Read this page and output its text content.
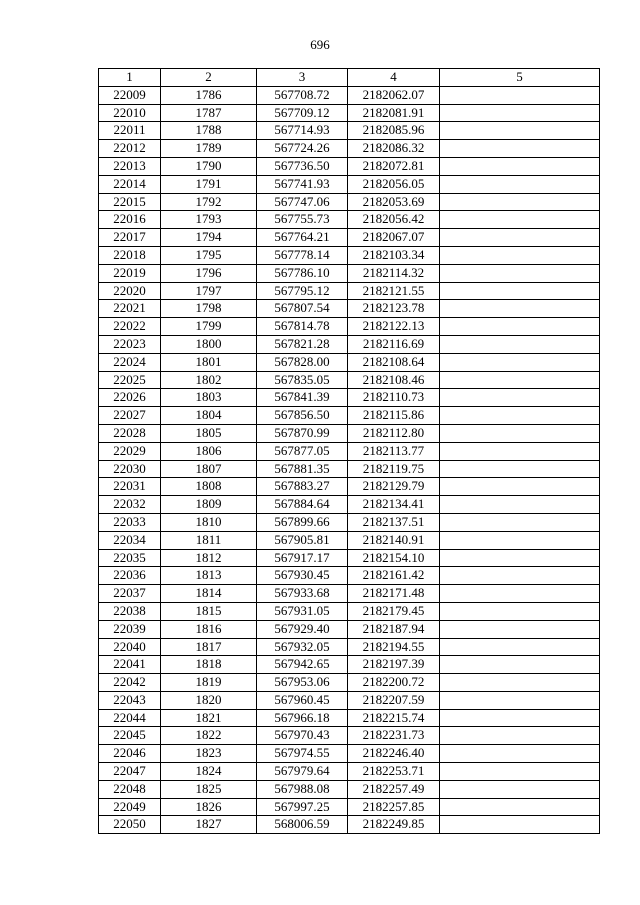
696
1	2	3	4	5
22009	1786	567708.72	2182062.07	
22010	1787	567709.12	2182081.91	
22011	1788	567714.93	2182085.96	
22012	1789	567724.26	2182086.32	
22013	1790	567736.50	2182072.81	
22014	1791	567741.93	2182056.05	
22015	1792	567747.06	2182053.69	
22016	1793	567755.73	2182056.42	
22017	1794	567764.21	2182067.07	
22018	1795	567778.14	2182103.34	
22019	1796	567786.10	2182114.32	
22020	1797	567795.12	2182121.55	
22021	1798	567807.54	2182123.78	
22022	1799	567814.78	2182122.13	
22023	1800	567821.28	2182116.69	
22024	1801	567828.00	2182108.64	
22025	1802	567835.05	2182108.46	
22026	1803	567841.39	2182110.73	
22027	1804	567856.50	2182115.86	
22028	1805	567870.99	2182112.80	
22029	1806	567877.05	2182113.77	
22030	1807	567881.35	2182119.75	
22031	1808	567883.27	2182129.79	
22032	1809	567884.64	2182134.41	
22033	1810	567899.66	2182137.51	
22034	1811	567905.81	2182140.91	
22035	1812	567917.17	2182154.10	
22036	1813	567930.45	2182161.42	
22037	1814	567933.68	2182171.48	
22038	1815	567931.05	2182179.45	
22039	1816	567929.40	2182187.94	
22040	1817	567932.05	2182194.55	
22041	1818	567942.65	2182197.39	
22042	1819	567953.06	2182200.72	
22043	1820	567960.45	2182207.59	
22044	1821	567966.18	2182215.74	
22045	1822	567970.43	2182231.73	
22046	1823	567974.55	2182246.40	
22047	1824	567979.64	2182253.71	
22048	1825	567988.08	2182257.49	
22049	1826	567997.25	2182257.85	
22050	1827	568006.59	2182249.85	
